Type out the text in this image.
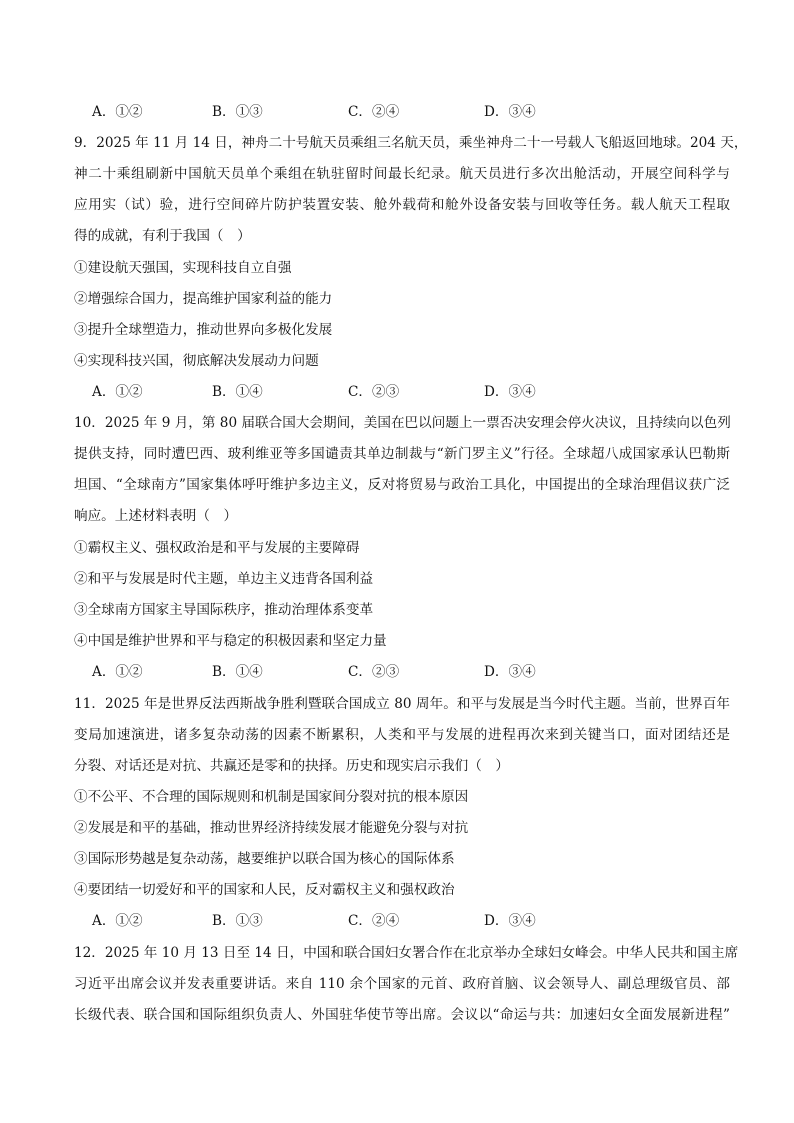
A．①②	B．①③	C．②④	D．③④
9．2025 年 11 月 14 日，神舟二十号航天员乘组三名航天员，乘坐神舟二十一号载人飞船返回地球。204 天，
神二十乘组刷新中国航天员单个乘组在轨驻留时间最长纪录。航天员进行多次出舱活动，开展空间科学与
应用实（试）验，进行空间碎片防护装置安装、舱外载荷和舱外设备安装与回收等任务。载人航天工程取
得的成就，有利于我国（　）
①建设航天强国，实现科技自立自强
②增强综合国力，提高维护国家利益的能力
③提升全球塑造力，推动世界向多极化发展
④实现科技兴国，彻底解决发展动力问题
A．①②	B．①④	C．②③	D．③④
10．2025 年 9 月，第 80 届联合国大会期间，美国在巴以问题上一票否决安理会停火决议，且持续向以色列
提供支持，同时遭巴西、玻利维亚等多国谴责其单边制裁与“新门罗主义”行径。全球超八成国家承认巴勒斯
坦国、“全球南方”国家集体呼吁维护多边主义，反对将贸易与政治工具化，中国提出的全球治理倡议获广泛
响应。上述材料表明（　）
①霸权主义、强权政治是和平与发展的主要障碍
②和平与发展是时代主题，单边主义违背各国利益
③全球南方国家主导国际秩序，推动治理体系变革
④中国是维护世界和平与稳定的积极因素和坚定力量
A．①②	B．①④	C．②③	D．③④
11．2025 年是世界反法西斯战争胜利暨联合国成立 80 周年。和平与发展是当今时代主题。当前，世界百年
变局加速演进，诸多复杂动荡的因素不断累积，人类和平与发展的进程再次来到关键当口，面对团结还是
分裂、对话还是对抗、共赢还是零和的抉择。历史和现实启示我们（　）
①不公平、不合理的国际规则和机制是国家间分裂对抗的根本原因
②发展是和平的基础，推动世界经济持续发展才能避免分裂与对抗
③国际形势越是复杂动荡，越要维护以联合国为核心的国际体系
④要团结一切爱好和平的国家和人民，反对霸权主义和强权政治
A．①②	B．①③	C．②④	D．③④
12．2025 年 10 月 13 日至 14 日，中国和联合国妇女署合作在北京举办全球妇女峰会。中华人民共和国主席
习近平出席会议并发表重要讲话。来自 110 余个国家的元首、政府首脑、议会领导人、副总理级官员、部
长级代表、联合国和国际组织负责人、外国驻华使节等出席。会议以“命运与共：加速妇女全面发展新进程”
